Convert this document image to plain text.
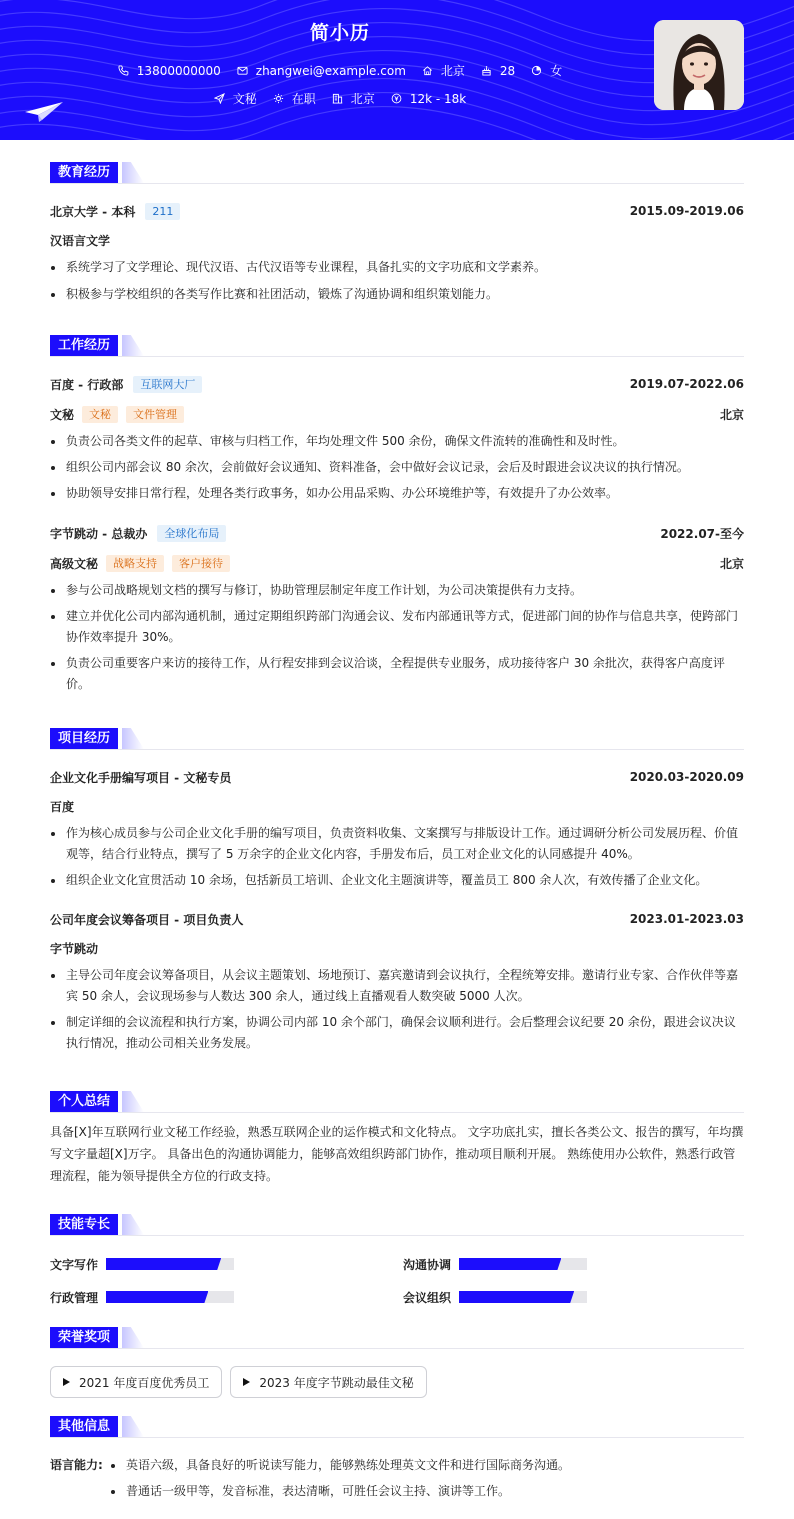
简小历
13800000000	zhangwei@example.com	北京	28	女
文秘	在职	北京	12k - 18k
教育经历
北京大学 - 本科	211	2015.09-2019.06
汉语言文学
系统学习了文学理论、现代汉语、古代汉语等专业课程，具备扎实的文字功底和文学素养。
积极参与学校组织的各类写作比赛和社团活动，锻炼了沟通协调和组织策划能力。
工作经历
百度 - 行政部	互联网大厂	2019.07-2022.06
文秘	文秘	文件管理	北京
负责公司各类文件的起草、审核与归档工作，年均处理文件 500 余份，确保文件流转的准确性和及时性。
组织公司内部会议 80 余次，会前做好会议通知、资料准备，会中做好会议记录，会后及时跟进会议决议的执行情况。
协助领导安排日常行程，处理各类行政事务，如办公用品采购、办公环境维护等，有效提升了办公效率。
字节跳动 - 总裁办	全球化布局	2022.07-至今
高级文秘	战略支持	客户接待	北京
参与公司战略规划文档的撰写与修订，协助管理层制定年度工作计划，为公司决策提供有力支持。
建立并优化公司内部沟通机制，通过定期组织跨部门沟通会议、发布内部通讯等方式，促进部门间的协作与信息共享，使跨部门协作效率提升 30%。
负责公司重要客户来访的接待工作，从行程安排到会议洽谈，全程提供专业服务，成功接待客户 30 余批次，获得客户高度评价。
项目经历
企业文化手册编写项目 - 文秘专员	2020.03-2020.09
百度
作为核心成员参与公司企业文化手册的编写项目，负责资料收集、文案撰写与排版设计工作。通过调研分析公司发展历程、价值观等，结合行业特点，撰写了 5 万余字的企业文化内容，手册发布后，员工对企业文化的认同感提升 40%。
组织企业文化宣贯活动 10 余场，包括新员工培训、企业文化主题演讲等，覆盖员工 800 余人次，有效传播了企业文化。
公司年度会议筹备项目 - 项目负责人	2023.01-2023.03
字节跳动
主导公司年度会议筹备项目，从会议主题策划、场地预订、嘉宾邀请到会议执行，全程统筹安排。邀请行业专家、合作伙伴等嘉宾 50 余人，会议现场参与人数达 300 余人，通过线上直播观看人数突破 5000 人次。
制定详细的会议流程和执行方案，协调公司内部 10 余个部门，确保会议顺利进行。会后整理会议纪要 20 余份，跟进会议决议执行情况，推动公司相关业务发展。
个人总结
具备[X]年互联网行业文秘工作经验，熟悉互联网企业的运作模式和文化特点。 文字功底扎实，擅长各类公文、报告的撰写，年均撰写文字量超[X]万字。 具备出色的沟通协调能力，能够高效组织跨部门协作，推动项目顺利开展。 熟练使用办公软件，熟悉行政管理流程，能为领导提供全方位的行政支持。
技能专长
文字写作	沟通协调
行政管理	会议组织
荣誉奖项
2021 年度百度优秀员工	2023 年度字节跳动最佳文秘
其他信息
语言能力:	英语六级，具备良好的听说读写能力，能够熟练处理英文文件和进行国际商务沟通。
普通话一级甲等，发音标准，表达清晰，可胜任会议主持、演讲等工作。
